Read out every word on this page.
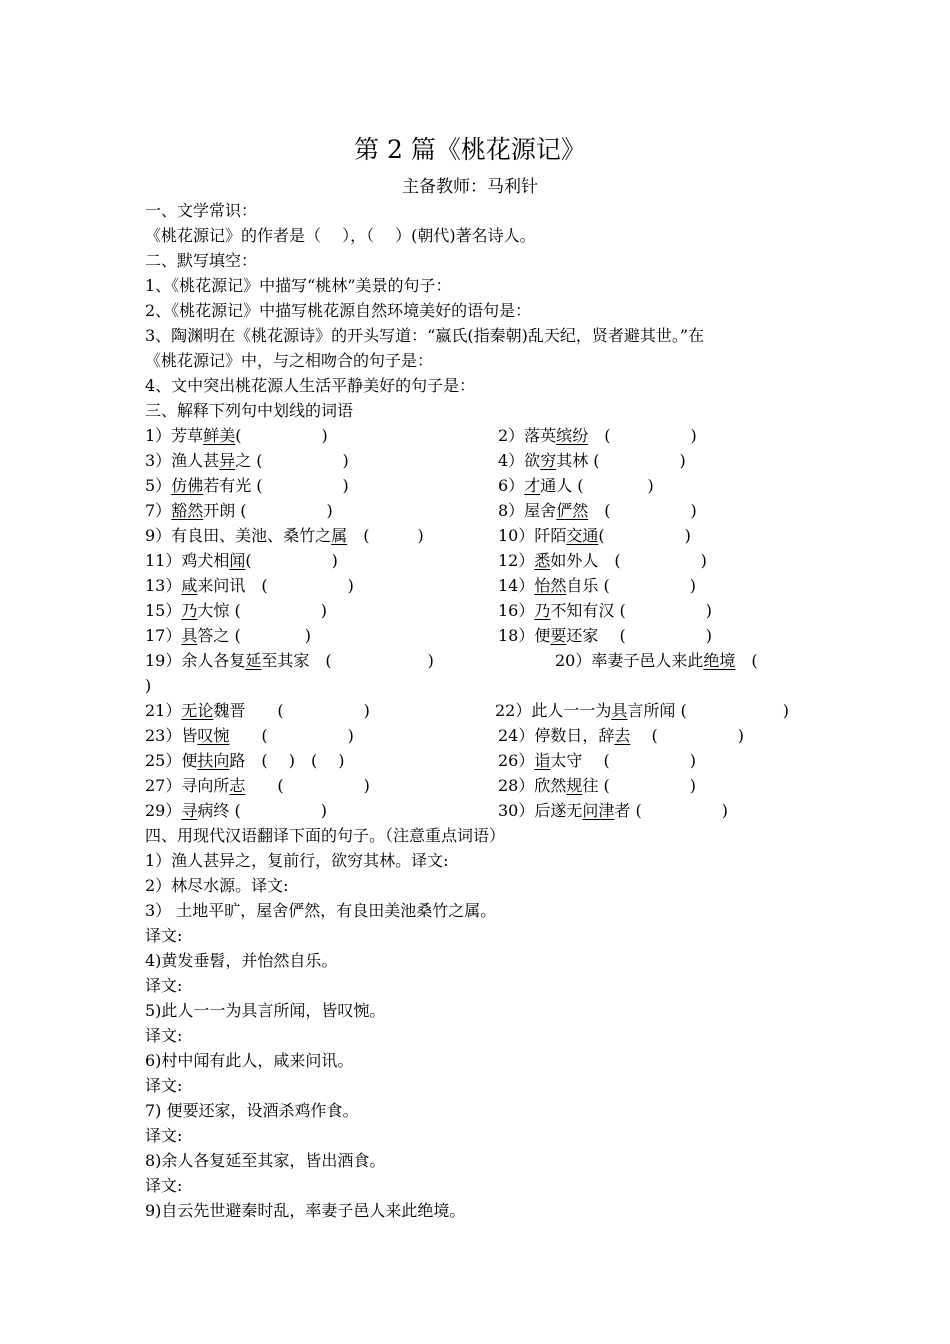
第 2 篇《桃花源记》
主备教师：马利针
一、文学常识：
《桃花源记》的作者是（　 ），（　 ）(朝代)著名诗人。
二、默写填空：
1、《桃花源记》中描写“桃林”美景的句子：
2、《桃花源记》中描写桃花源自然环境美好的语句是：
3、陶渊明在《桃花源诗》的开头写道：“嬴氏(指秦朝)乱天纪，贤者避其世。”在
《桃花源记》中，与之相吻合的句子是：
4、文中突出桃花源人生活平静美好的句子是：
三、解释下列句中划线的词语
1）芳草鲜美(　　　　　)	2）落英缤纷　(　　　　　)
3）渔人甚异之 (　　　　　)	4）欲穷其林 (　　　　　)
5）仿佛若有光 (　　　　　)	6）才通人 (　　　　)
7）豁然开朗 (　　　　　)	8）屋舍俨然　(　　　　　)
9）有良田、美池、桑竹之属　(　　　)	10）阡陌交通(　　　　　)
11）鸡犬相闻(　　　　　)	12）悉如外人　(　　　　　)
13）咸来问讯　(　　　　　)	14）怡然自乐 (　　　　　)
15）乃大惊 (　　　　　)	16）乃不知有汉 (　　　　　)
17）具答之 (　　　　)	18）便要还家　 (　　　　　)
19）余人各复延至其家　(　　　　　　)	20）率妻子邑人来此绝境　(
)
21）无论魏晋　　(　　　　　)	22）此人一一为具言所闻 (　　　　　　)
23）皆叹惋　　(　　　　　)	24）停数日，辞去　 (　　　　　)
25）便扶向路　(　 )　(　 )	26）诣太守　 (　　　　　)
27）寻向所志　　(　　　　　)	28）欣然规往 (　　　　　)
29）寻病终 (　　　　　)	30）后遂无问津者 (　　　　　)
四、用现代汉语翻译下面的句子。（注意重点词语）
1）渔人甚异之，复前行，欲穷其林。译文:
2）林尽水源。译文:
3） 土地平旷，屋舍俨然，有良田美池桑竹之属。
译文:
4)黄发垂髫，并怡然自乐。
译文:
5)此人一一为具言所闻，皆叹惋。
译文:
6)村中闻有此人，咸来问讯。
译文:
7) 便要还家，设酒杀鸡作食。
译文:
8)余人各复延至其家，皆出酒食。
译文:
9)自云先世避秦时乱，率妻子邑人来此绝境。
